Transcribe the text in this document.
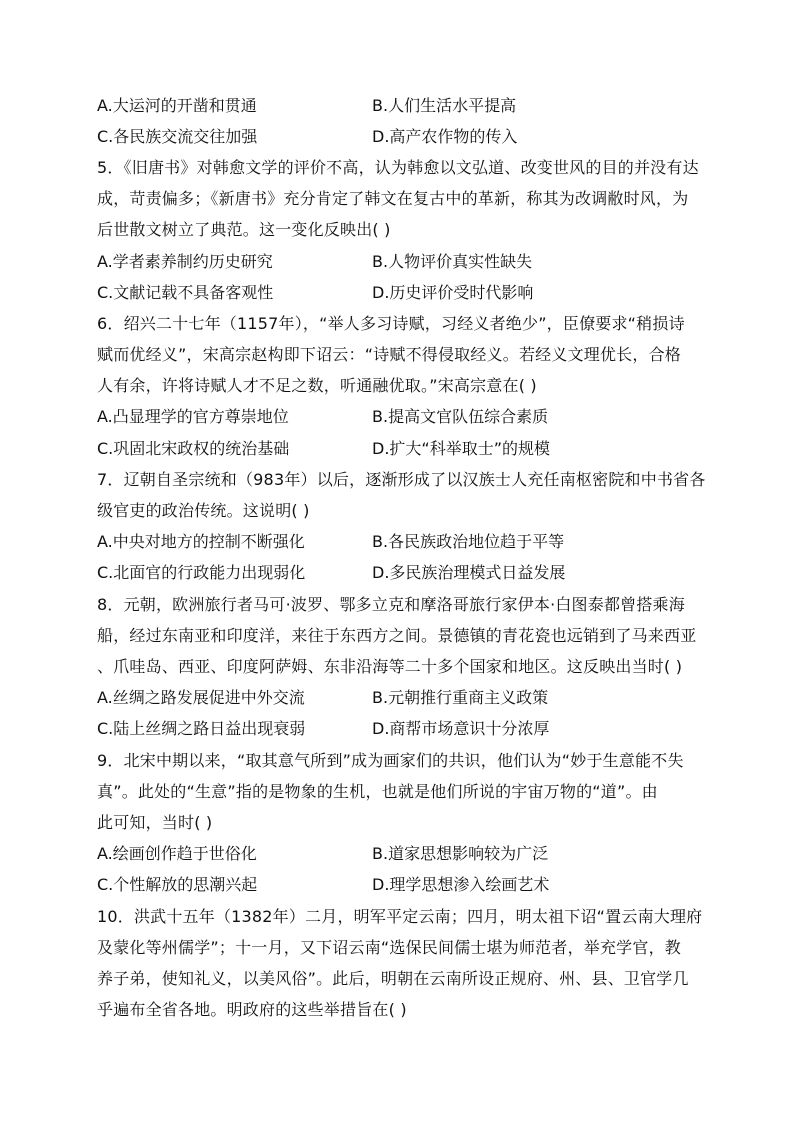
A.大运河的开凿和贯通	B.人们生活水平提高
C.各民族交流交往加强	D.高产农作物的传入
5．《旧唐书》对韩愈文学的评价不高，认为韩愈以文弘道、改变世风的目的并没有达
成，苛责偏多；《新唐书》充分肯定了韩文在复古中的革新，称其为改调敝时风，为
后世散文树立了典范。这一变化反映出( )
A.学者素养制约历史研究	B.人物评价真实性缺失
C.文献记载不具备客观性	D.历史评价受时代影响
6．绍兴二十七年（1157年），“举人多习诗赋，习经义者绝少”，臣僚要求“稍损诗
赋而优经义”，宋高宗赵构即下诏云：“诗赋不得侵取经义。若经义文理优长，合格
人有余，许将诗赋人才不足之数，听通融优取。”宋高宗意在( )
A.凸显理学的官方尊崇地位	B.提高文官队伍综合素质
C.巩固北宋政权的统治基础	D.扩大“科举取士”的规模
7．辽朝自圣宗统和（983年）以后，逐渐形成了以汉族士人充任南枢密院和中书省各
级官吏的政治传统。这说明( )
A.中央对地方的控制不断强化	B.各民族政治地位趋于平等
C.北面官的行政能力出现弱化	D.多民族治理模式日益发展
8．元朝，欧洲旅行者马可·波罗、鄂多立克和摩洛哥旅行家伊本·白图泰都曾搭乘海
船，经过东南亚和印度洋，来往于东西方之间。景德镇的青花瓷也远销到了马来西亚
、爪哇岛、西亚、印度阿萨姆、东非沿海等二十多个国家和地区。这反映出当时( )
A.丝绸之路发展促进中外交流	B.元朝推行重商主义政策
C.陆上丝绸之路日益出现衰弱	D.商帮市场意识十分浓厚
9．北宋中期以来，“取其意气所到”成为画家们的共识，他们认为“妙于生意能不失
真”。此处的“生意”指的是物象的生机，也就是他们所说的宇宙万物的“道”。由
此可知，当时( )
A.绘画创作趋于世俗化	B.道家思想影响较为广泛
C.个性解放的思潮兴起	D.理学思想渗入绘画艺术
10．洪武十五年（1382年）二月，明军平定云南；四月，明太祖下诏“置云南大理府
及蒙化等州儒学”；十一月，又下诏云南“选保民间儒士堪为师范者，举充学官，教
养子弟，使知礼义，以美风俗”。此后，明朝在云南所设正规府、州、县、卫官学几
乎遍布全省各地。明政府的这些举措旨在( )
